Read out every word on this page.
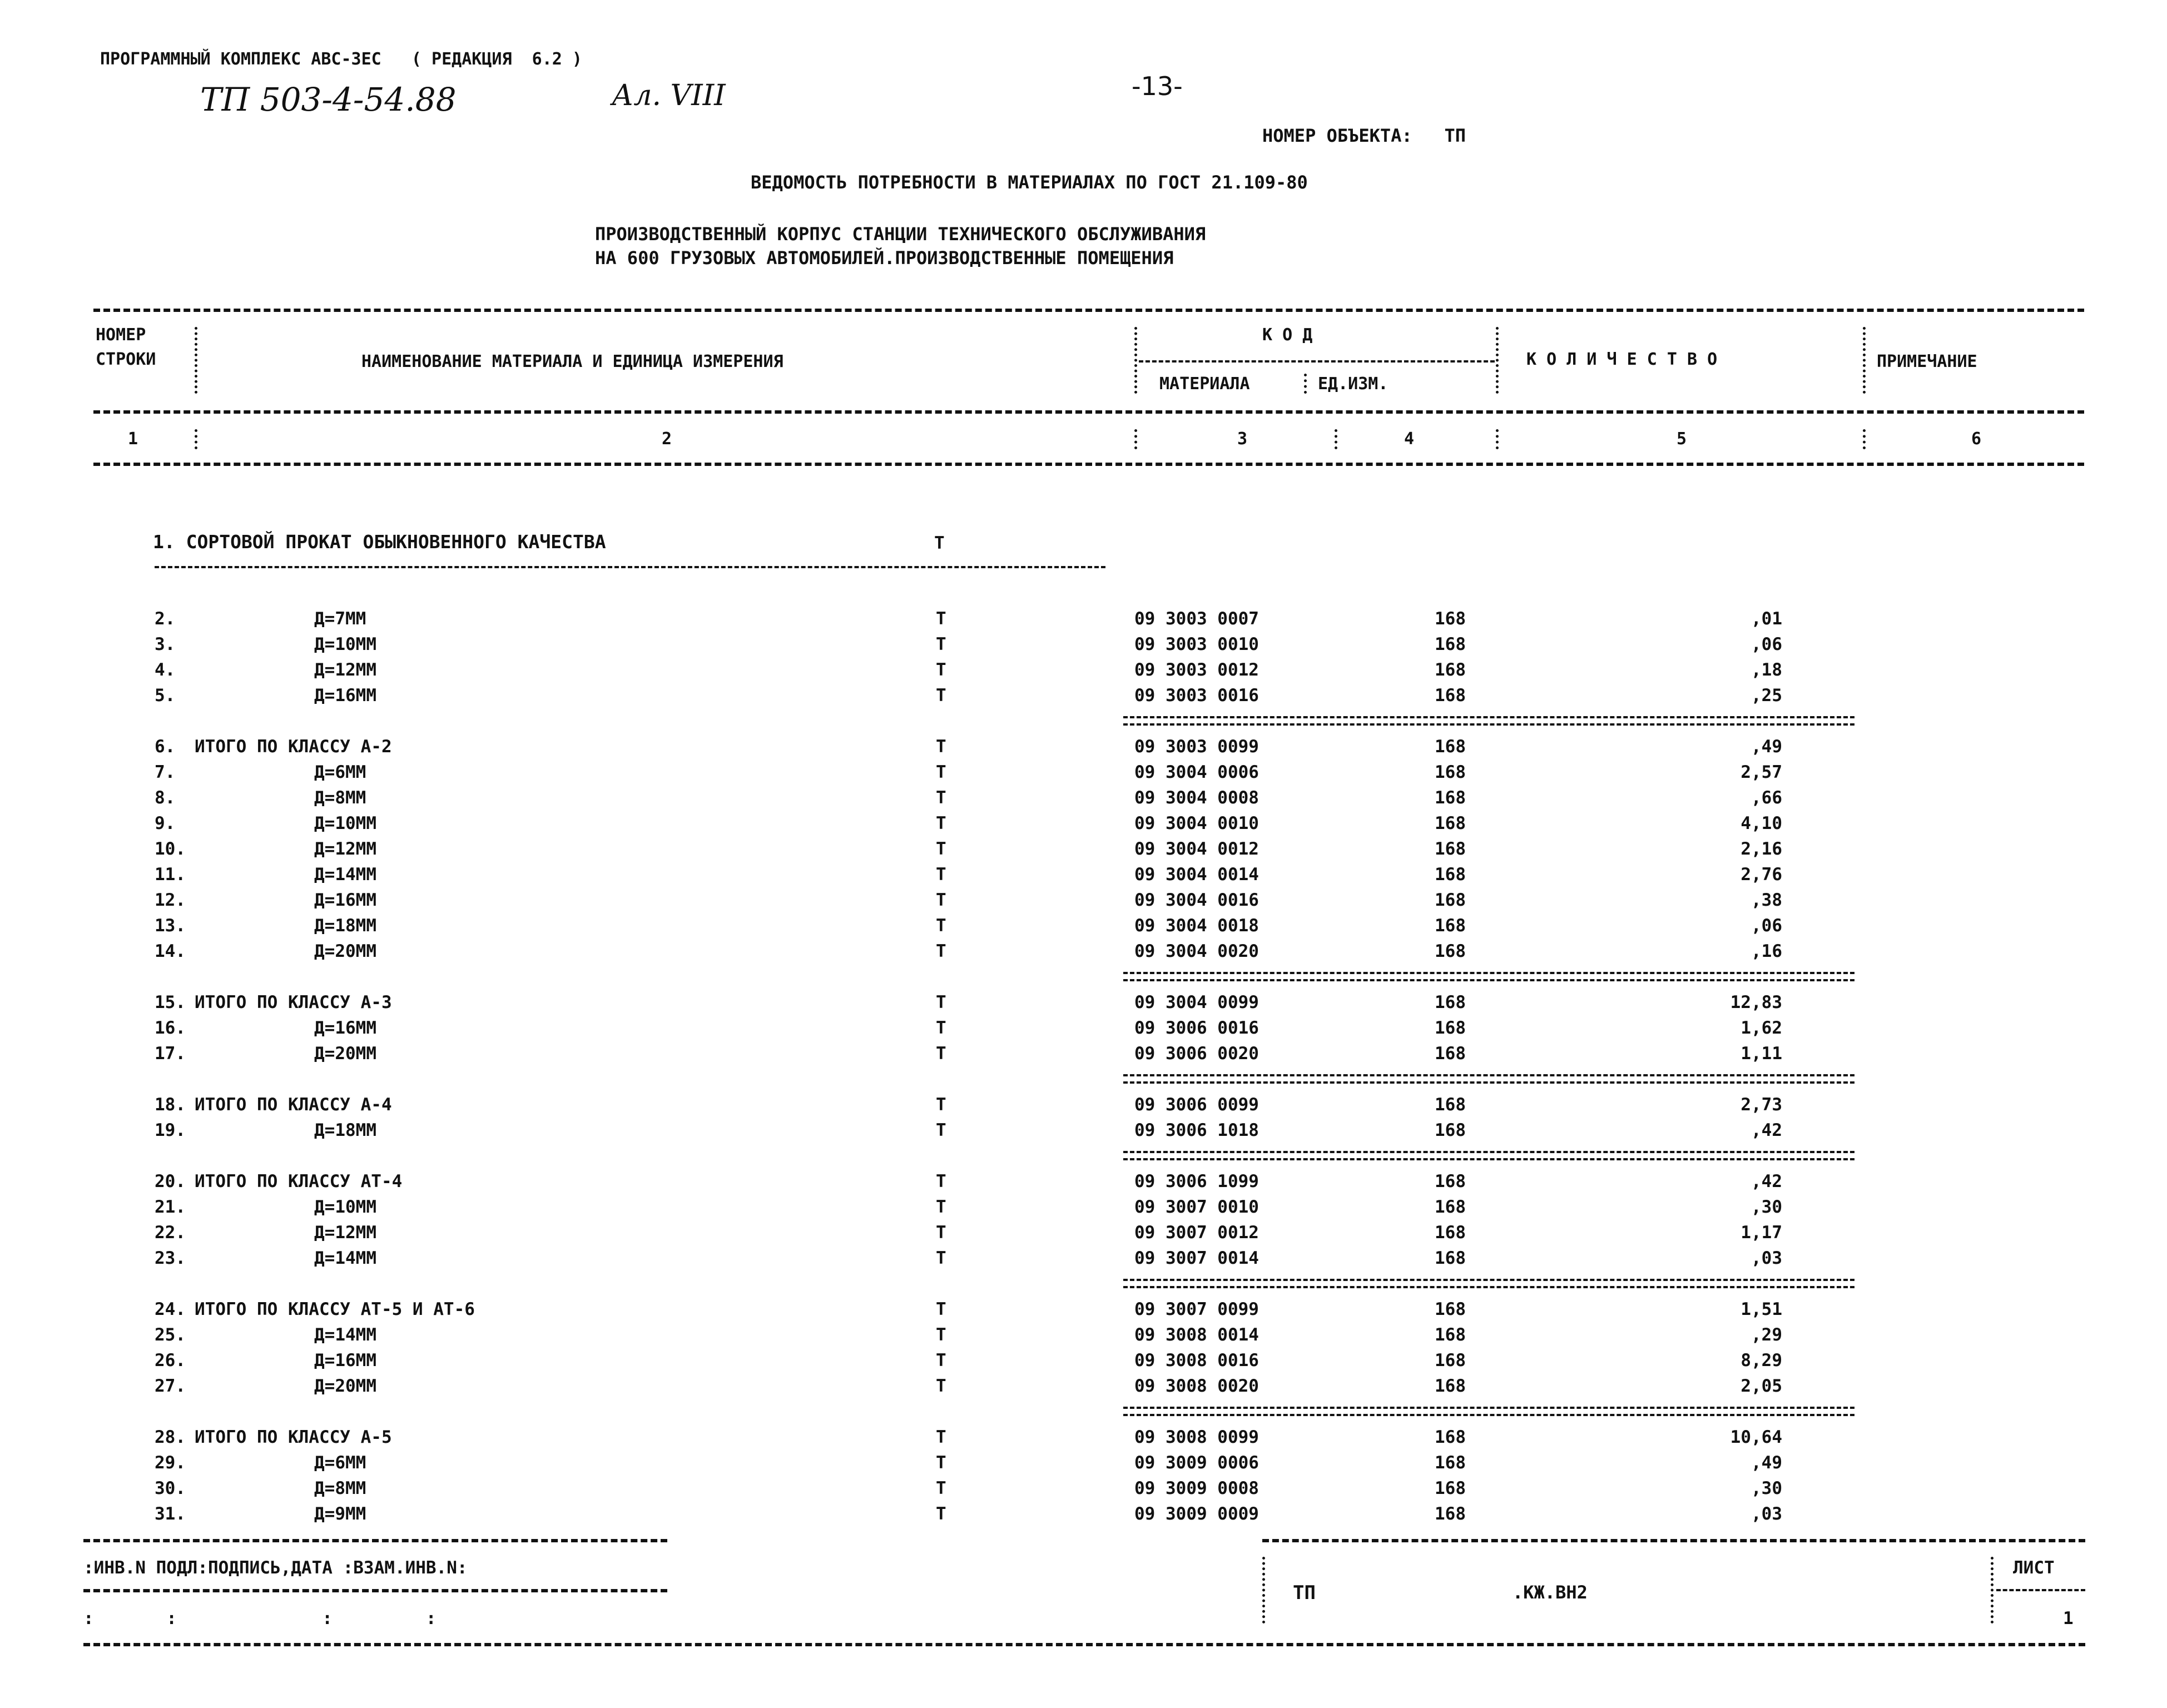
ПРОГРАММНЫЙ КОМПЛЕКС АВС-3ЕС   ( РЕДАКЦИЯ  6.2 )
ТП 503-4-54.88	Ал. VIII	-13-
НОМЕР ОБЪЕКТА:   ТП
ВЕДОМОСТЬ ПОТРЕБНОСТИ В МАТЕРИАЛАХ ПО ГОСТ 21.109-80
ПРОИЗВОДСТВЕННЫЙ КОРПУС СТАНЦИИ ТЕХНИЧЕСКОГО ОБСЛУЖИВАНИЯ
НА 600 ГРУЗОВЫХ АВТОМОБИЛЕЙ.ПРОИЗВОДСТВЕННЫЕ ПОМЕЩЕНИЯ
НОМЕР
СТРОКИ	НАИМЕНОВАНИЕ МАТЕРИАЛА И ЕДИНИЦА ИЗМЕРЕНИЯ
К О Д
МАТЕРИАЛА	ЕД.ИЗМ.
К О Л И Ч Е С Т В О	ПРИМЕЧАНИЕ
1	2	3	4	5	6
1. СОРТОВОЙ ПРОКАТ ОБЫКНОВЕННОГО КАЧЕСТВА	Т
2.	Д=7ММ	Т	09 3003 0007	168	,01
3.	Д=10ММ	Т	09 3003 0010	168	,06
4.	Д=12ММ	Т	09 3003 0012	168	,18
5.	Д=16ММ	Т	09 3003 0016	168	,25
6. ИТОГО ПО КЛАССУ А-2	Т	09 3003 0099	168	,49
7.	Д=6ММ	Т	09 3004 0006	168	2,57
8.	Д=8ММ	Т	09 3004 0008	168	,66
9.	Д=10ММ	Т	09 3004 0010	168	4,10
10.	Д=12ММ	Т	09 3004 0012	168	2,16
11.	Д=14ММ	Т	09 3004 0014	168	2,76
12.	Д=16ММ	Т	09 3004 0016	168	,38
13.	Д=18ММ	Т	09 3004 0018	168	,06
14.	Д=20ММ	Т	09 3004 0020	168	,16
15. ИТОГО ПО КЛАССУ А-3	Т	09 3004 0099	168	12,83
16.	Д=16ММ	Т	09 3006 0016	168	1,62
17.	Д=20ММ	Т	09 3006 0020	168	1,11
18. ИТОГО ПО КЛАССУ А-4	Т	09 3006 0099	168	2,73
19.	Д=18ММ	Т	09 3006 1018	168	,42
20. ИТОГО ПО КЛАССУ АТ-4	Т	09 3006 1099	168	,42
21.	Д=10ММ	Т	09 3007 0010	168	,30
22.	Д=12ММ	Т	09 3007 0012	168	1,17
23.	Д=14ММ	Т	09 3007 0014	168	,03
24. ИТОГО ПО КЛАССУ АТ-5 И АТ-6	Т	09 3007 0099	168	1,51
25.	Д=14ММ	Т	09 3008 0014	168	,29
26.	Д=16ММ	Т	09 3008 0016	168	8,29
27.	Д=20ММ	Т	09 3008 0020	168	2,05
28. ИТОГО ПО КЛАССУ А-5	Т	09 3008 0099	168	10,64
29.	Д=6ММ	Т	09 3009 0006	168	,49
30.	Д=8ММ	Т	09 3009 0008	168	,30
31.	Д=9ММ	Т	09 3009 0009	168	,03
:ИНВ.N ПОДЛ:ПОДПИСЬ,ДАТА :ВЗАМ.ИНВ.N:
:       :              :         :
ТП	.КЖ.ВН2
ЛИСТ
1
